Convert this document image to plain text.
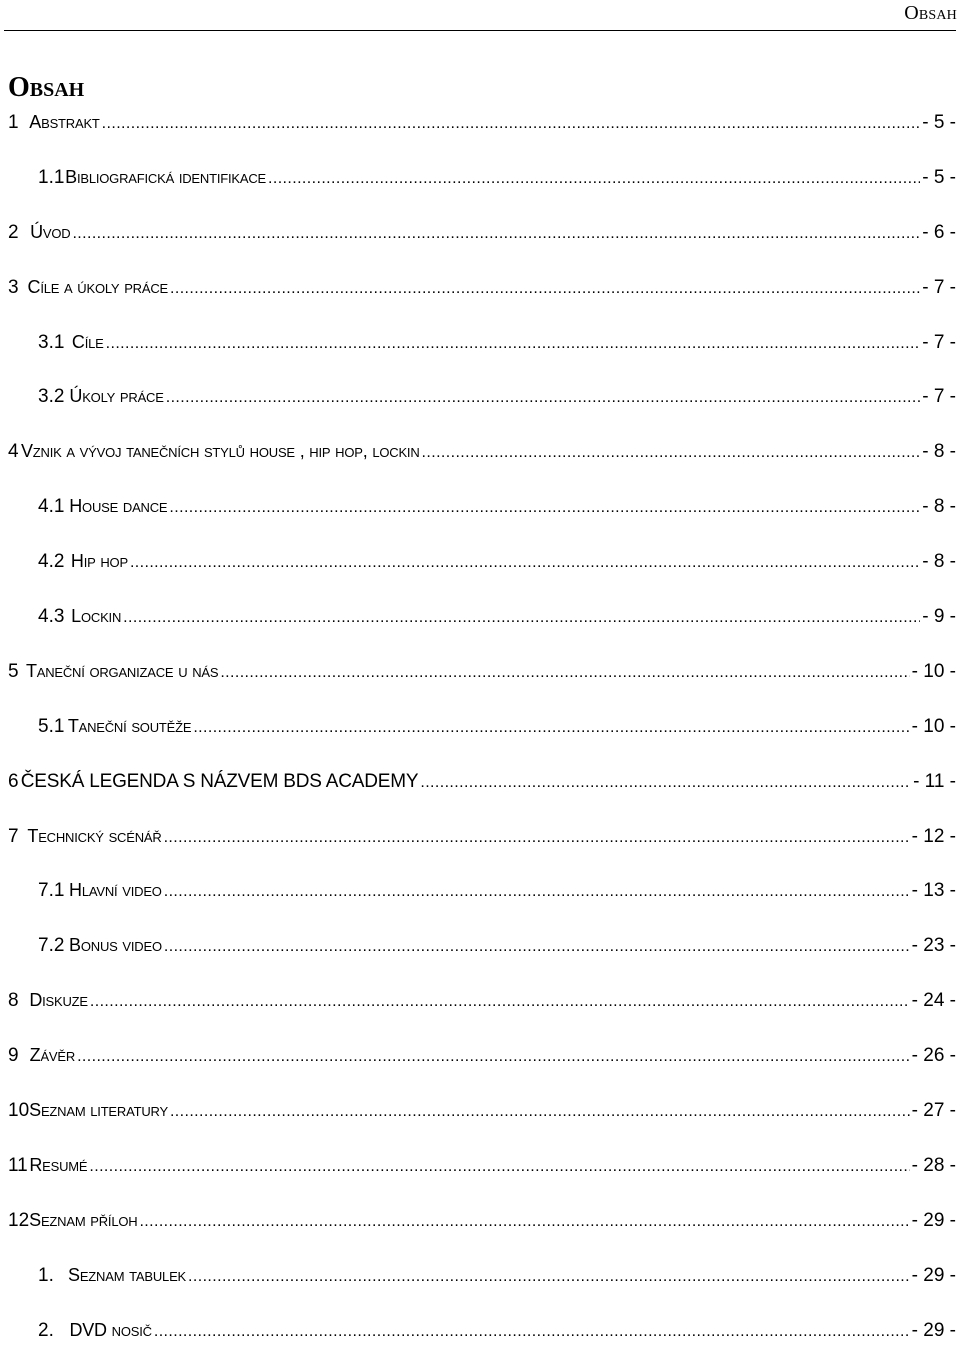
Obsah
Obsah
1 Abstrakt .....	- 5 -
1.1 Bibliografická identifikace .....	- 5 -
2 Úvod .....	- 6 -
3 Cíle a úkoly práce .....	- 7 -
3.1 Cíle .....	- 7 -
3.2 Úkoly práce .....	- 7 -
4 Vznik a vývoj tanečních stylů house , hip hop, lockin .....	- 8 -
4.1 House dance .....	- 8 -
4.2 Hip hop .....	- 8 -
4.3 Lockin .....	- 9 -
5 Taneční organizace u nás .....	- 10 -
5.1 Taneční soutěže .....	- 10 -
6 ČESKÁ LEGENDA S NÁZVEM BDS ACADEMY .....	- 11 -
7 Technický scénář .....	- 12 -
7.1 Hlavní video .....	- 13 -
7.2 Bonus video .....	- 23 -
8 Diskuze .....	- 24 -
9 Závěr .....	- 26 -
10 Seznam literatury .....	- 27 -
11 Resumé .....	- 28 -
12 Seznam příloh .....	- 29 -
1. Seznam tabulek .....	- 29 -
2. DVD nosič .....	- 29 -
